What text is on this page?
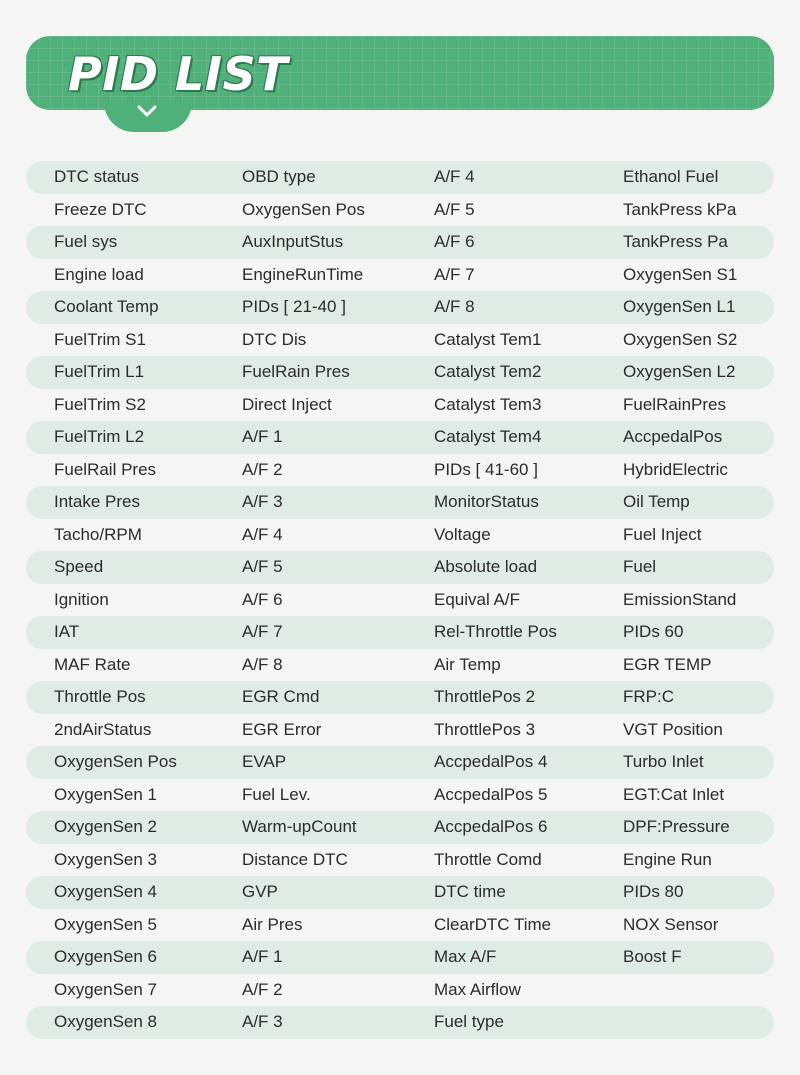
PID LIST
DTC status	OBD type	A/F 4	Ethanol Fuel
Freeze DTC	OxygenSen Pos	A/F 5	TankPress kPa
Fuel sys	AuxInputStus	A/F 6	TankPress Pa
Engine load	EngineRunTime	A/F 7	OxygenSen S1
Coolant Temp	PIDs [ 21-40 ]	A/F 8	OxygenSen L1
FuelTrim S1	DTC Dis	Catalyst Tem1	OxygenSen S2
FuelTrim L1	FuelRain Pres	Catalyst Tem2	OxygenSen L2
FuelTrim S2	Direct Inject	Catalyst Tem3	FuelRainPres
FuelTrim L2	A/F 1	Catalyst Tem4	AccpedalPos
FuelRail Pres	A/F 2	PIDs [ 41-60 ]	HybridElectric
Intake Pres	A/F 3	MonitorStatus	Oil Temp
Tacho/RPM	A/F 4	Voltage	Fuel Inject
Speed	A/F 5	Absolute load	Fuel
Ignition	A/F 6	Equival A/F	EmissionStand
IAT	A/F 7	Rel-Throttle Pos	PIDs 60
MAF Rate	A/F 8	Air Temp	EGR TEMP
Throttle Pos	EGR Cmd	ThrottlePos 2	FRP:C
2ndAirStatus	EGR Error	ThrottlePos 3	VGT Position
OxygenSen Pos	EVAP	AccpedalPos 4	Turbo Inlet
OxygenSen 1	Fuel Lev.	AccpedalPos 5	EGT:Cat Inlet
OxygenSen 2	Warm-upCount	AccpedalPos 6	DPF:Pressure
OxygenSen 3	Distance DTC	Throttle Comd	Engine Run
OxygenSen 4	GVP	DTC time	PIDs 80
OxygenSen 5	Air Pres	ClearDTC Time	NOX Sensor
OxygenSen 6	A/F 1	Max A/F	Boost F
OxygenSen 7	A/F 2	Max Airflow
OxygenSen 8	A/F 3	Fuel type
